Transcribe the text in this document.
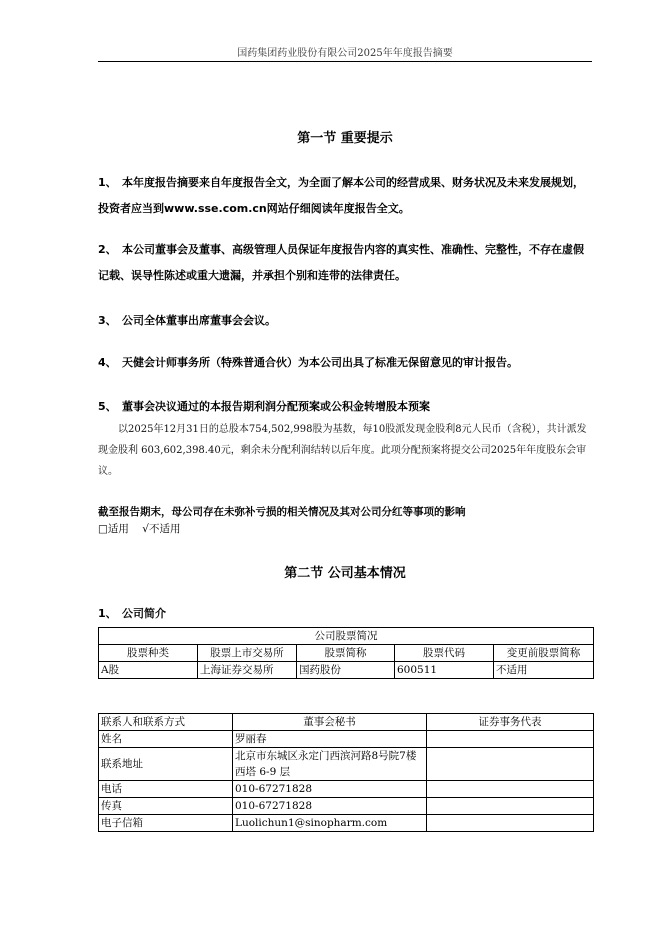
国药集团药业股份有限公司2025年年度报告摘要
第一节 重要提示
1、 本年度报告摘要来自年度报告全文，为全面了解本公司的经营成果、财务状况及未来发展规划，投资者应当到www.sse.com.cn网站仔细阅读年度报告全文。
2、 本公司董事会及董事、高级管理人员保证年度报告内容的真实性、准确性、完整性，不存在虚假记载、误导性陈述或重大遗漏，并承担个别和连带的法律责任。
3、 公司全体董事出席董事会会议。
4、 天健会计师事务所（特殊普通合伙）为本公司出具了标准无保留意见的审计报告。
5、 董事会决议通过的本报告期利润分配预案或公积金转增股本预案
以2025年12月31日的总股本754,502,998股为基数，每10股派发现金股利8元人民币（含税），共计派发现金股利 603,602,398.40元，剩余未分配利润结转以后年度。此项分配预案将提交公司2025年年度股东会审议。
截至报告期末，母公司存在未弥补亏损的相关情况及其对公司分红等事项的影响
□适用 √不适用
第二节 公司基本情况
1、 公司简介
公司股票简况				
股票种类	股票上市交易所	股票简称	股票代码	变更前股票简称
A股	上海证券交易所	国药股份	600511	不适用
联系人和联系方式	董事会秘书	证券事务代表
姓名	罗丽春	
联系地址	北京市东城区永定门西滨河路8号院7楼西塔 6-9 层	
电话	010-67271828	
传真	010-67271828	
电子信箱	Luolichun1@sinopharm.com	
